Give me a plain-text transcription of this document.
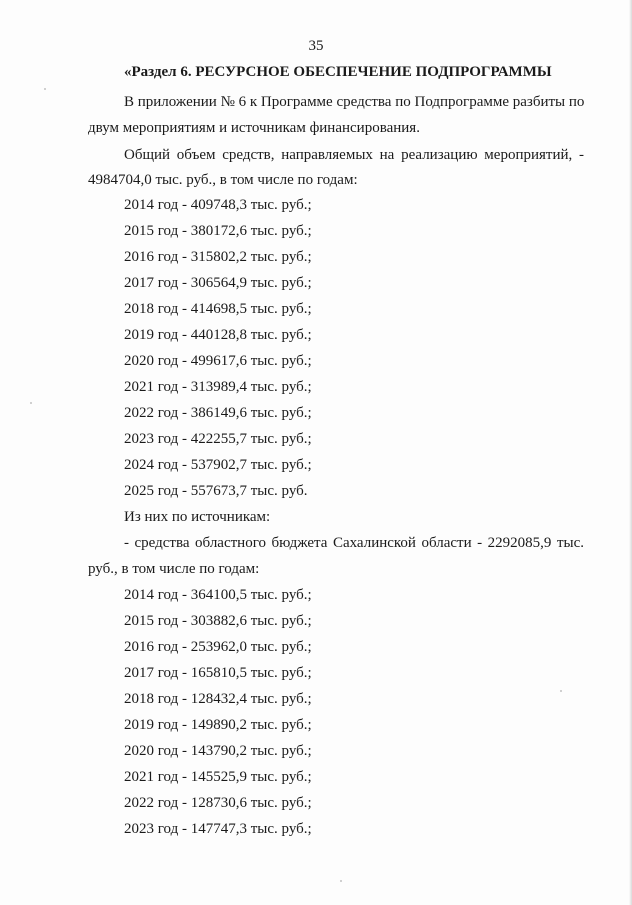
35
«Раздел 6. РЕСУРСНОЕ ОБЕСПЕЧЕНИЕ ПОДПРОГРАММЫ
В приложении № 6 к Программе средства по Подпрограмме разбиты по
двум мероприятиям и источникам финансирования.
Общий объем средств, направляемых на реализацию мероприятий, -
4984704,0 тыс. руб., в том числе по годам:
2014 год - 409748,3 тыс. руб.;
2015 год - 380172,6 тыс. руб.;
2016 год - 315802,2 тыс. руб.;
2017 год - 306564,9 тыс. руб.;
2018 год - 414698,5 тыс. руб.;
2019 год - 440128,8 тыс. руб.;
2020 год - 499617,6 тыс. руб.;
2021 год - 313989,4 тыс. руб.;
2022 год - 386149,6 тыс. руб.;
2023 год - 422255,7 тыс. руб.;
2024 год - 537902,7 тыс. руб.;
2025 год - 557673,7 тыс. руб.
Из них по источникам:
- средства областного бюджета Сахалинской области - 2292085,9 тыс.
руб., в том числе по годам:
2014 год - 364100,5 тыс. руб.;
2015 год - 303882,6 тыс. руб.;
2016 год - 253962,0 тыс. руб.;
2017 год - 165810,5 тыс. руб.;
2018 год - 128432,4 тыс. руб.;
2019 год - 149890,2 тыс. руб.;
2020 год - 143790,2 тыс. руб.;
2021 год - 145525,9 тыс. руб.;
2022 год - 128730,6 тыс. руб.;
2023 год - 147747,3 тыс. руб.;
